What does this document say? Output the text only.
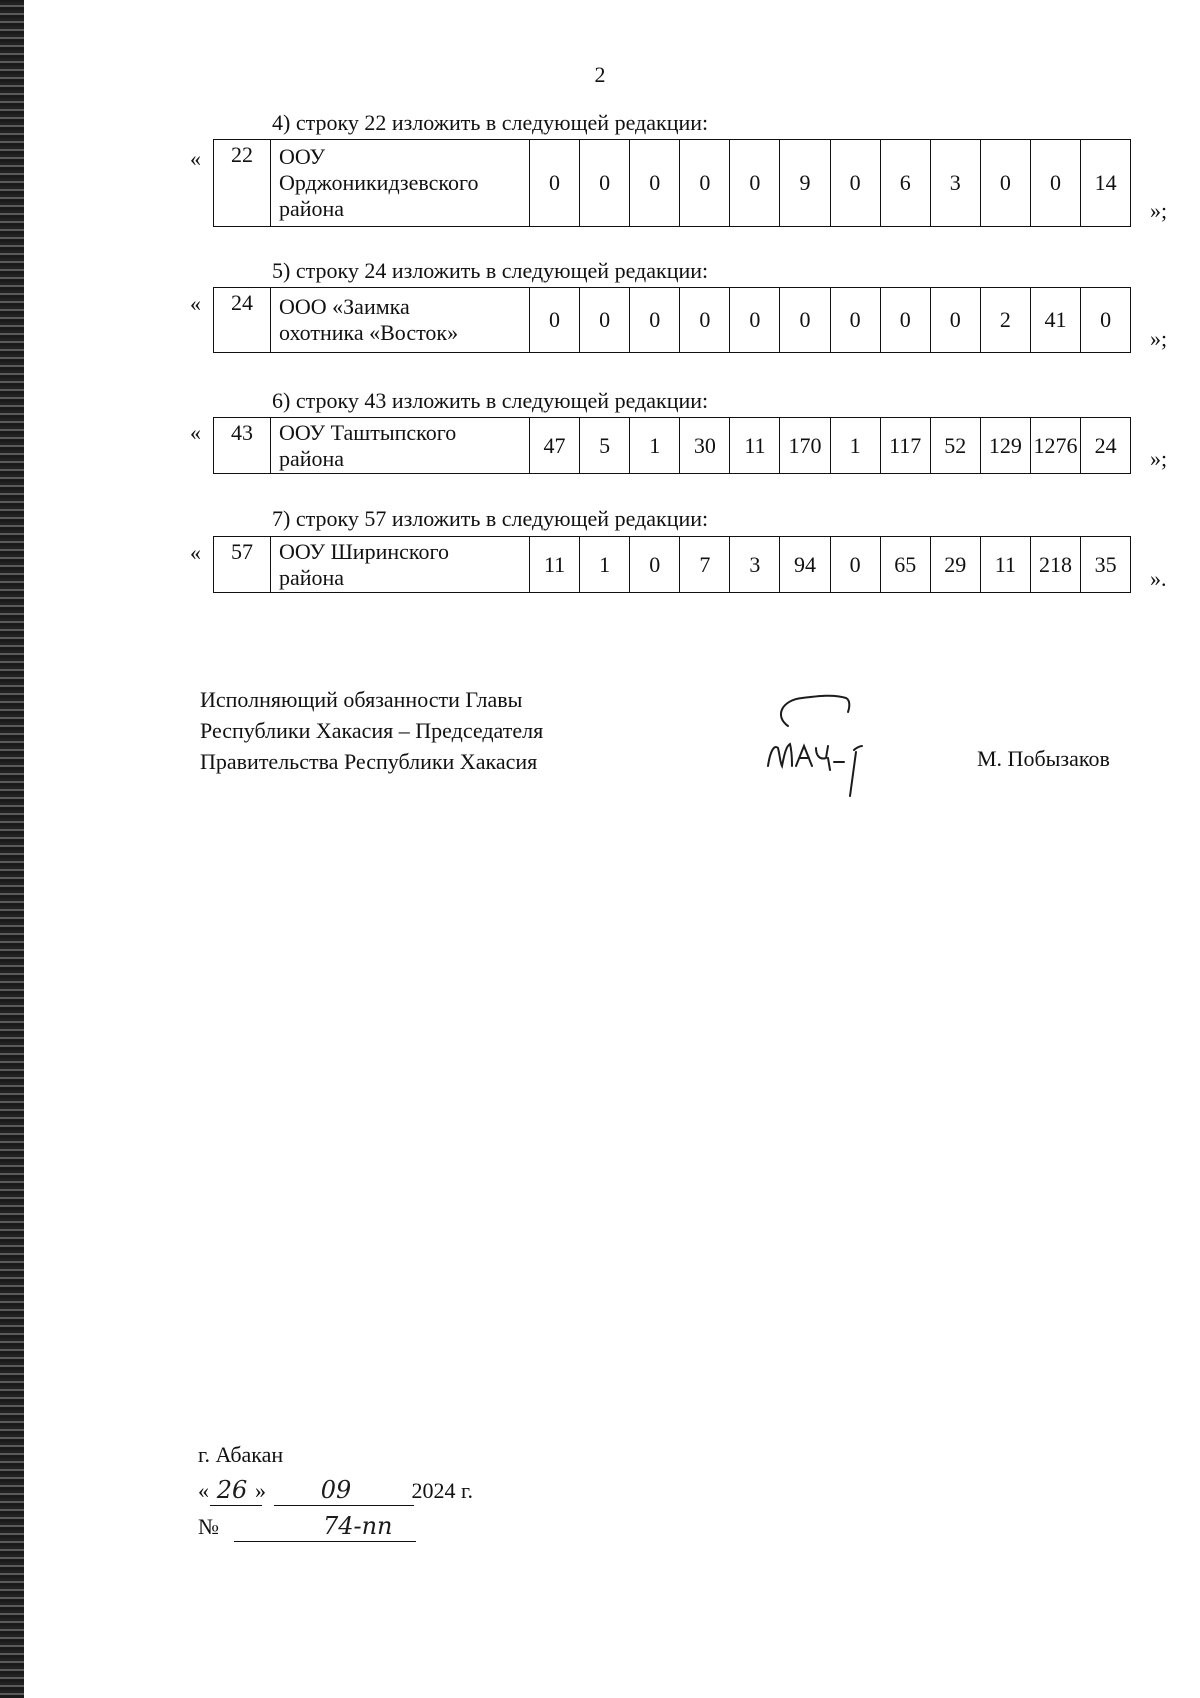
2
4) строку 22 изложить в следующей редакции:
« 22	ООУ
Орджоникидзевского
района
	0	0	0	0	0	9	0	6	3	0	0	14
»;
5) строку 24 изложить в следующей редакции:
« 24	ООО «Заимка
охотника «Восток»
	0	0	0	0	0	0	0	0	0	2	41	0
»;
6) строку 43 изложить в следующей редакции:
« 43	ООУ Таштыпского
района
	47	5	1	30	11	170	1	117	52	129	1276	24
»;
7) строку 57 изложить в следующей редакции:
« 57	ООУ Ширинского
района
	11	1	0	7	3	94	0	65	29	11	218	35
».
Исполняющий обязанности Главы
Республики Хакасия – Председателя
Правительства Республики Хакасия	М. Побызаков
г. Абакан
« 26 » 09	2024 г.
№	74-пп
